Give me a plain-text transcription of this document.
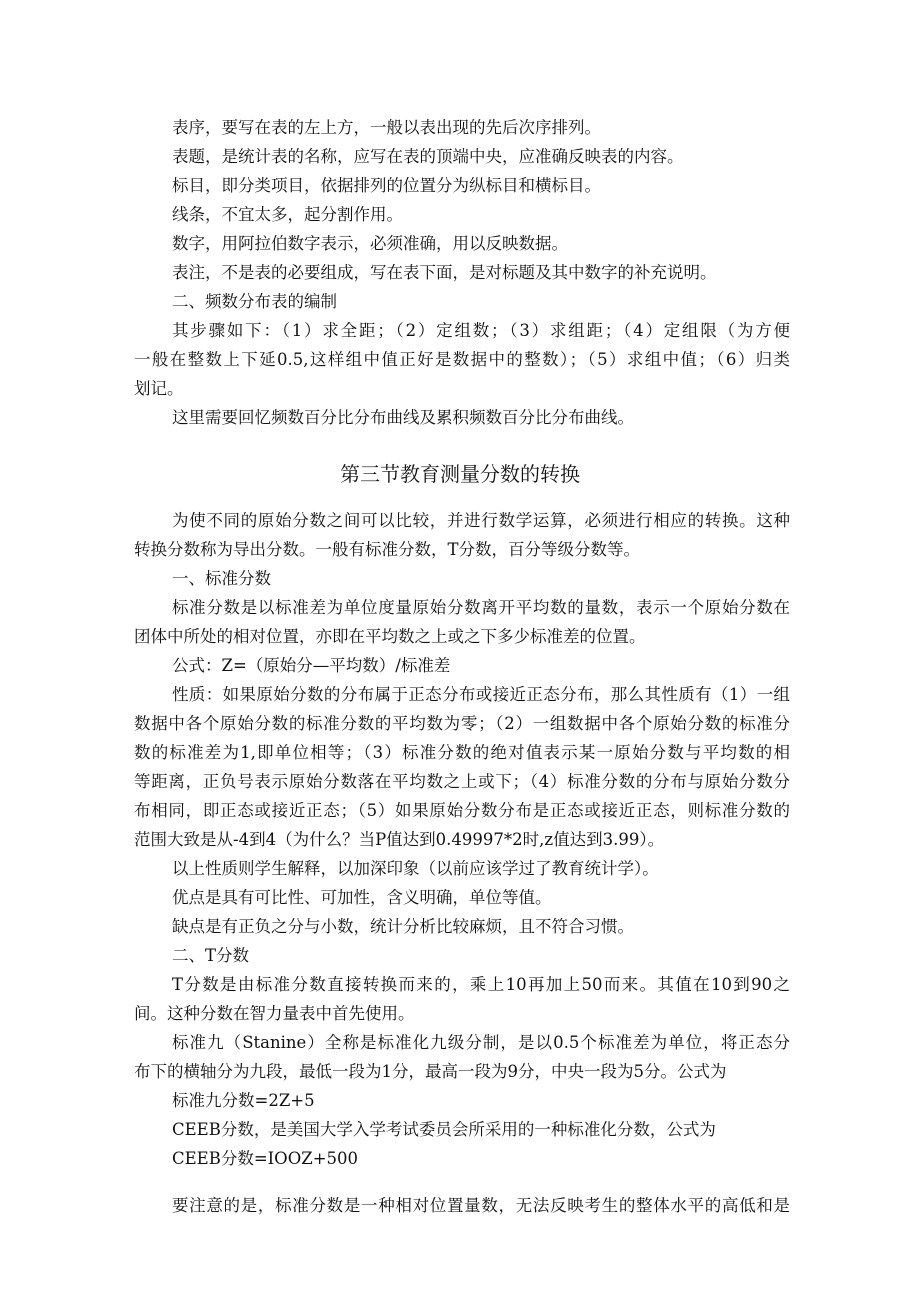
表序，要写在表的左上方，一般以表出现的先后次序排列。
表题，是统计表的名称，应写在表的顶端中央，应准确反映表的内容。
标目，即分类项目，依据排列的位置分为纵标目和横标目。
线条，不宜太多，起分割作用。
数字，用阿拉伯数字表示，必须准确，用以反映数据。
表注，不是表的必要组成，写在表下面，是对标题及其中数字的补充说明。
二、频数分布表的编制
其步骤如下：（1）求全距；（2）定组数；（3）求组距；（4）定组限（为方便
一般在整数上下延0.5,这样组中值正好是数据中的整数）；（5）求组中值；（6）归类
划记。
这里需要回忆频数百分比分布曲线及累积频数百分比分布曲线。
第三节教育测量分数的转换
为使不同的原始分数之间可以比较，并进行数学运算，必须进行相应的转换。这种
转换分数称为导出分数。一般有标准分数，T分数，百分等级分数等。
一、标准分数
标准分数是以标准差为单位度量原始分数离开平均数的量数，表示一个原始分数在
团体中所处的相对位置，亦即在平均数之上或之下多少标准差的位置。
公式：Z=（原始分—平均数）/标准差
性质：如果原始分数的分布属于正态分布或接近正态分布，那么其性质有（1）一组
数据中各个原始分数的标准分数的平均数为零；（2）一组数据中各个原始分数的标准分
数的标准差为1,即单位相等；（3）标准分数的绝对值表示某一原始分数与平均数的相
等距离，正负号表示原始分数落在平均数之上或下；（4）标准分数的分布与原始分数分
布相同，即正态或接近正态；（5）如果原始分数分布是正态或接近正态，则标准分数的
范围大致是从-4到4（为什么？当P值达到0.49997*2时,z值达到3.99）。
以上性质则学生解释，以加深印象（以前应该学过了教育统计学）。
优点是具有可比性、可加性，含义明确，单位等值。
缺点是有正负之分与小数，统计分析比较麻烦，且不符合习惯。
二、T分数
T分数是由标准分数直接转换而来的，乘上10再加上50而来。其值在10到90之
间。这种分数在智力量表中首先使用。
标准九（Stanine）全称是标准化九级分制，是以0.5个标准差为单位，将正态分
布下的横轴分为九段，最低一段为1分，最高一段为9分，中央一段为5分。公式为
标准九分数=2Z+5
CEEB分数，是美国大学入学考试委员会所采用的一种标准化分数，公式为
CEEB分数=IOOZ+500
要注意的是，标准分数是一种相对位置量数，无法反映考生的整体水平的高低和是
